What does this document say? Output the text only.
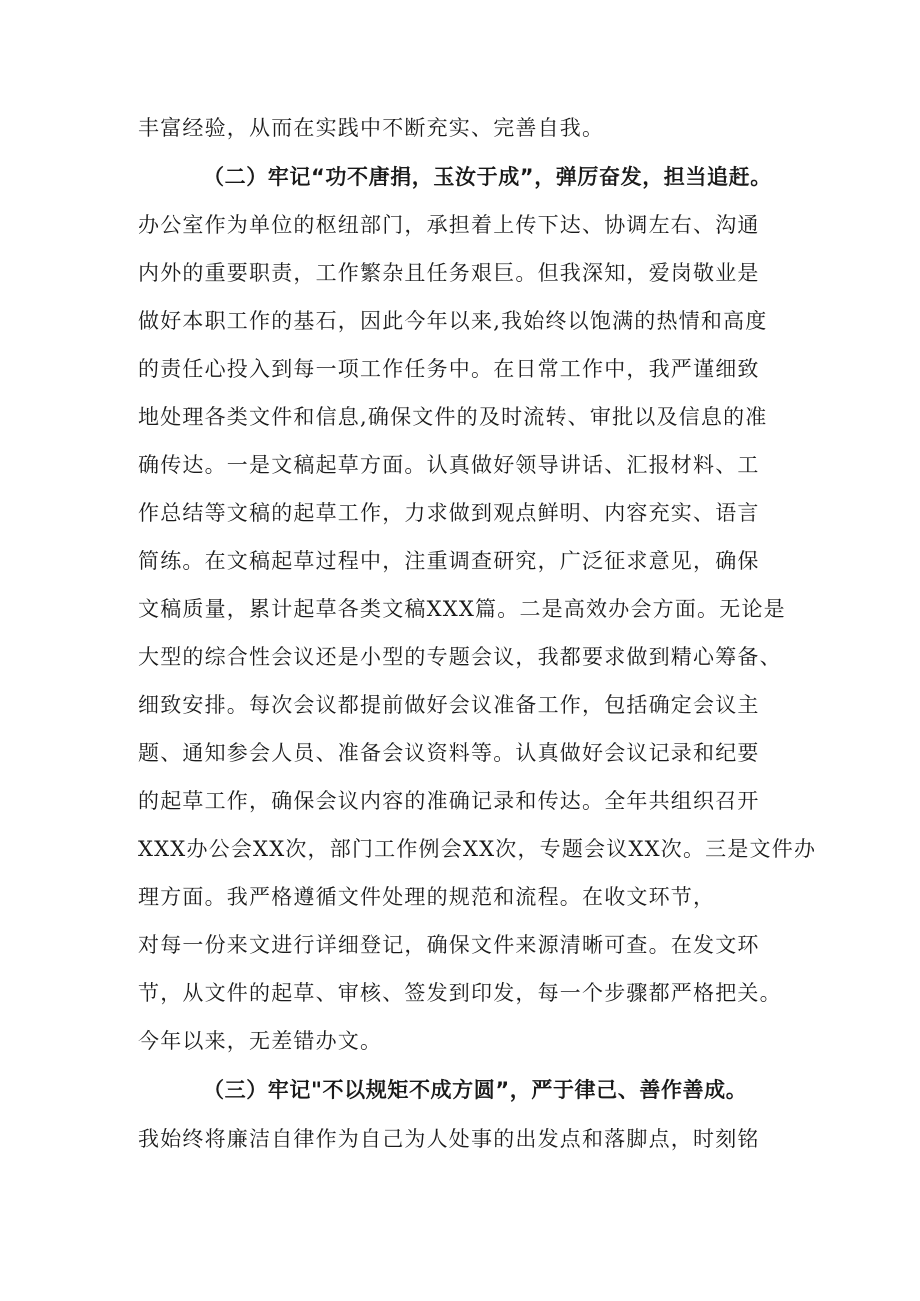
丰富经验，从而在实践中不断充实、完善自我。
（二）牢记“功不唐捐，玉汝于成”，弹厉奋发，担当追赶。
办公室作为单位的枢纽部门，承担着上传下达、协调左右、沟通
内外的重要职责，工作繁杂且任务艰巨。但我深知，爱岗敬业是
做好本职工作的基石，因此今年以来,我始终以饱满的热情和高度
的责任心投入到每一项工作任务中。在日常工作中，我严谨细致
地处理各类文件和信息,确保文件的及时流转、审批以及信息的准
确传达。一是文稿起草方面。认真做好领导讲话、汇报材料、工
作总结等文稿的起草工作，力求做到观点鲜明、内容充实、语言
简练。在文稿起草过程中，注重调查研究，广泛征求意见，确保
文稿质量，累计起草各类文稿XXX篇。二是高效办会方面。无论是
大型的综合性会议还是小型的专题会议，我都要求做到精心筹备、
细致安排。每次会议都提前做好会议准备工作，包括确定会议主
题、通知参会人员、准备会议资料等。认真做好会议记录和纪要
的起草工作，确保会议内容的准确记录和传达。全年共组织召开
XXX办公会XX次，部门工作例会XX次，专题会议XX次。三是文件办
理方面。我严格遵循文件处理的规范和流程。在收文环节，
对每一份来文进行详细登记，确保文件来源清晰可查。在发文环
节，从文件的起草、审核、签发到印发，每一个步骤都严格把关。
今年以来，无差错办文。
（三）牢记"不以规矩不成方圆”，严于律己、善作善成。
我始终将廉洁自律作为自己为人处事的出发点和落脚点，时刻铭
